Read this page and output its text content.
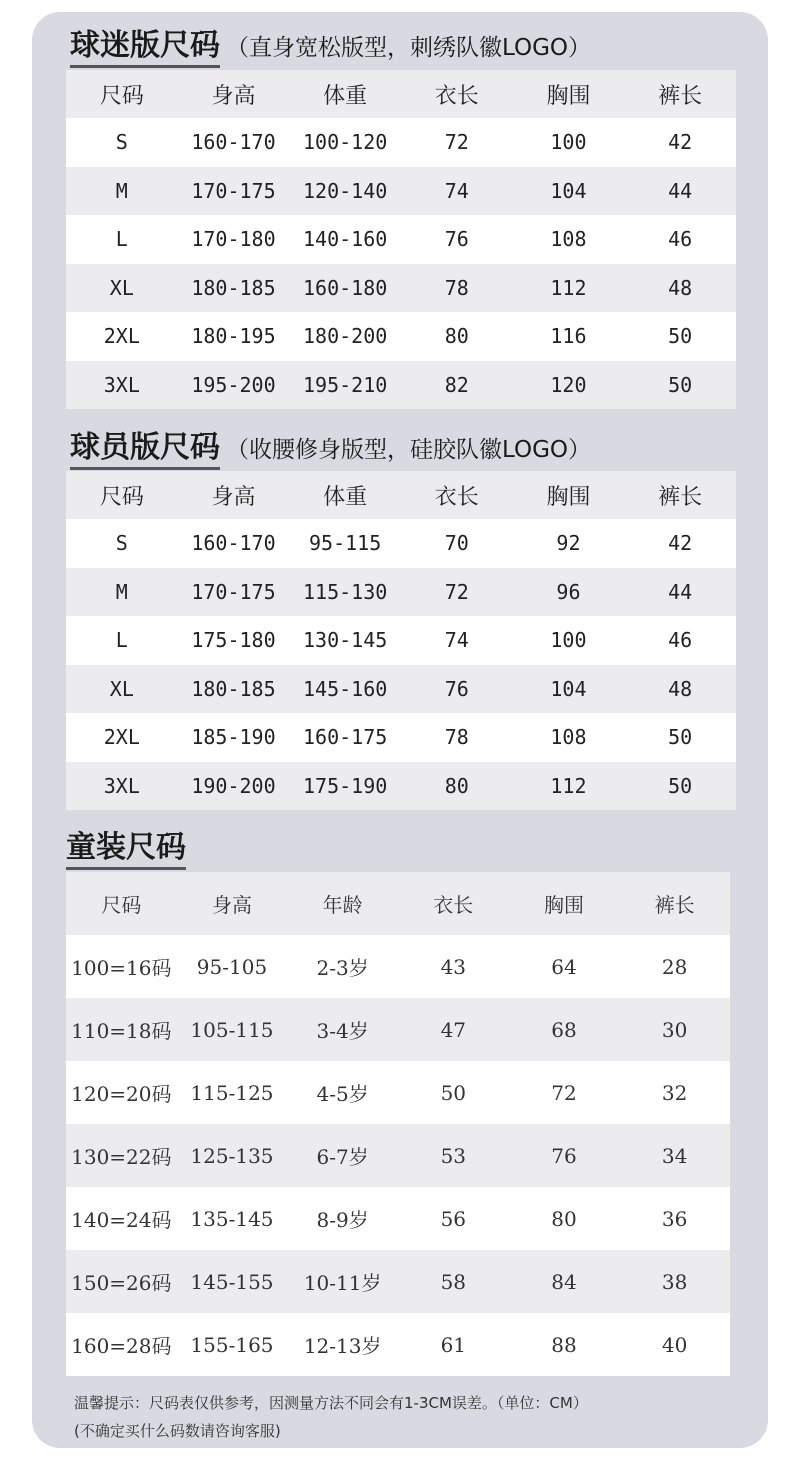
球迷版尺码 （直身宽松版型，刺绣队徽LOGO）
尺码	身高	体重	衣长	胸围	裤长
S	160-170	100-120	72	100	42
M	170-175	120-140	74	104	44
L	170-180	140-160	76	108	46
XL	180-185	160-180	78	112	48
2XL	180-195	180-200	80	116	50
3XL	195-200	195-210	82	120	50
球员版尺码 （收腰修身版型，硅胶队徽LOGO）
尺码	身高	体重	衣长	胸围	裤长
S	160-170	95-115	70	92	42
M	170-175	115-130	72	96	44
L	175-180	130-145	74	100	46
XL	180-185	145-160	76	104	48
2XL	185-190	160-175	78	108	50
3XL	190-200	175-190	80	112	50
童装尺码
尺码	身高	年龄	衣长	胸围	裤长
100=16码	95-105	2-3岁	43	64	28
110=18码	105-115	3-4岁	47	68	30
120=20码	115-125	4-5岁	50	72	32
130=22码	125-135	6-7岁	53	76	34
140=24码	135-145	8-9岁	56	80	36
150=26码	145-155	10-11岁	58	84	38
160=28码	155-165	12-13岁	61	88	40
温馨提示：尺码表仅供参考，因测量方法不同会有1-3CM误差。（单位：CM）
(不确定买什么码数请咨询客服)
